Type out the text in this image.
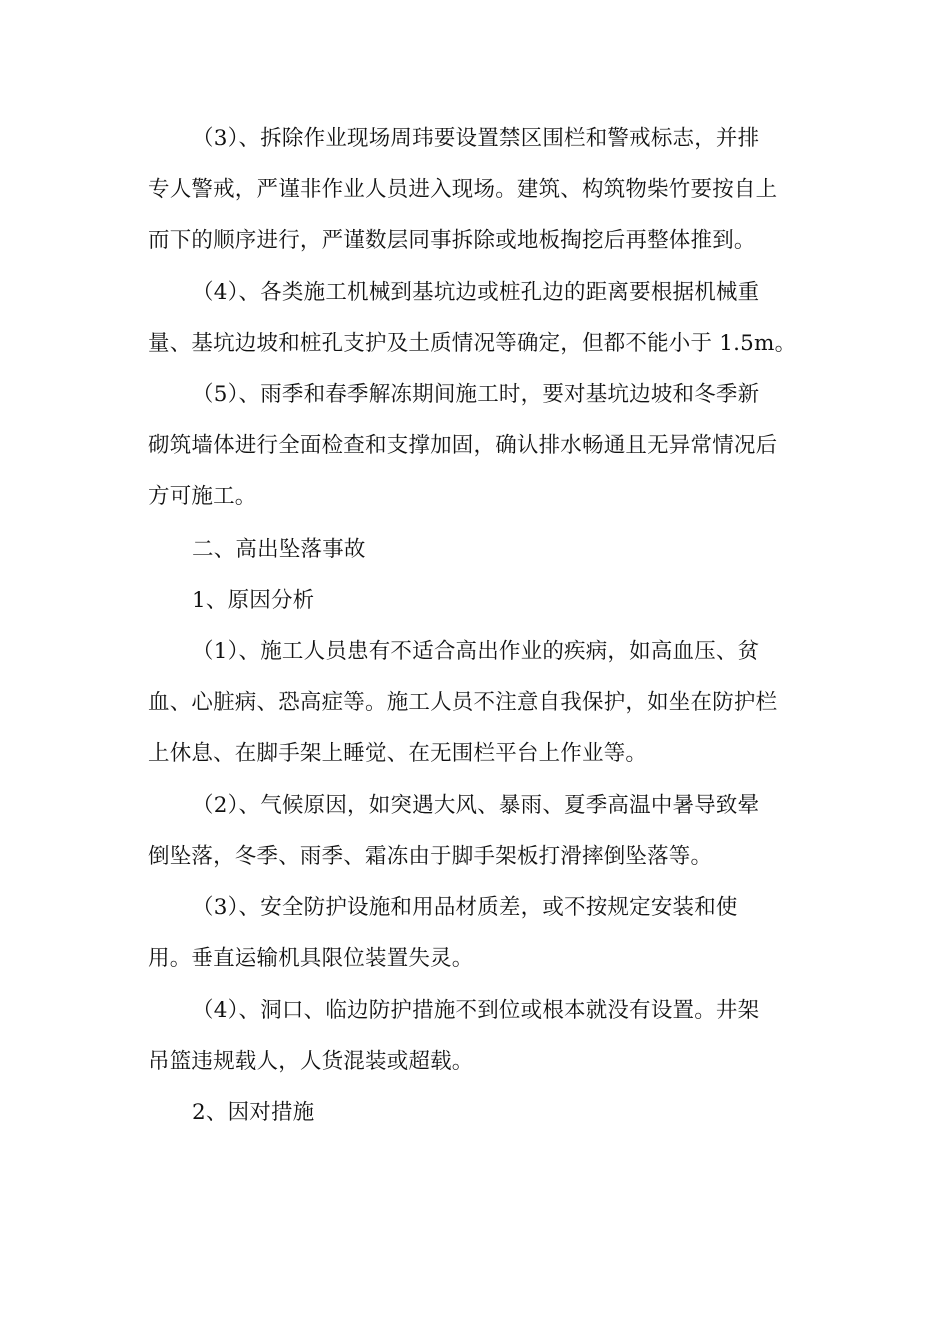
（3）、拆除作业现场周玮要设置禁区围栏和警戒标志，并排
专人警戒，严谨非作业人员进入现场。建筑、构筑物柴竹要按自上
而下的顺序进行，严谨数层同事拆除或地板掏挖后再整体推到。
（4）、各类施工机械到基坑边或桩孔边的距离要根据机械重
量、基坑边坡和桩孔支护及土质情况等确定，但都不能小于 1.5m。
（5）、雨季和春季解冻期间施工时，要对基坑边坡和冬季新
砌筑墙体进行全面检查和支撑加固，确认排水畅通且无异常情况后
方可施工。
二、高出坠落事故
1、原因分析
（1）、施工人员患有不适合高出作业的疾病，如高血压、贫
血、心脏病、恐高症等。施工人员不注意自我保护，如坐在防护栏
上休息、在脚手架上睡觉、在无围栏平台上作业等。
（2）、气候原因，如突遇大风、暴雨、夏季高温中暑导致晕
倒坠落，冬季、雨季、霜冻由于脚手架板打滑摔倒坠落等。
（3）、安全防护设施和用品材质差，或不按规定安装和使
用。垂直运输机具限位装置失灵。
（4）、洞口、临边防护措施不到位或根本就没有设置。井架
吊篮违规载人，人货混装或超载。
2、因对措施
